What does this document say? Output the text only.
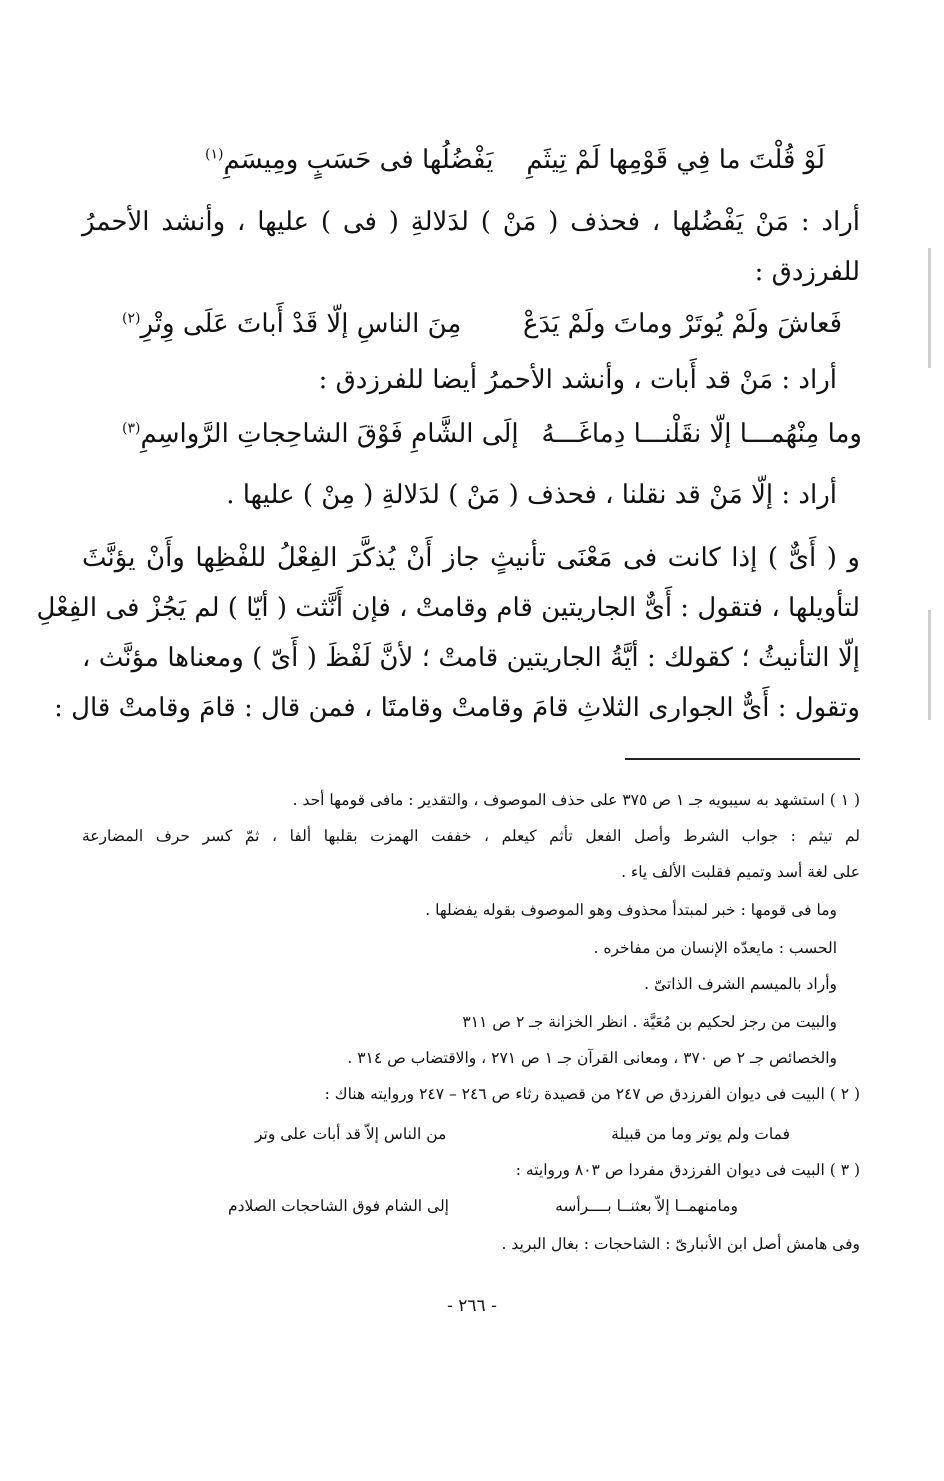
لَوْ قُلْتَ ما فِي قَوْمِها لَمْ تِيثَمِ
يَفْضُلُها فى حَسَبٍ ومِيسَمِ$^{(١)}$
أراد : مَنْ يَفْضُلها ، فحذف ( مَنْ ) لدَلالةِ ( فى ) عليها ، وأنشد الأحمرُ
للفرزدق :
فَعاشَ ولَمْ يُوتَرْ وماتَ ولَمْ يَدَعْ
مِنَ الناسِ إلّا قَدْ أَباتَ عَلَى وِتْرِ$^{(٢)}$
أراد : مَنْ قد أَبات ، وأنشد الأحمرُ أيضا للفرزدق :
وما مِنْهُمـــا إلّا نقَلْنـــا دِماغَـــهُ
إلَى الشَّامِ فَوْقَ الشاحِجاتِ الرَّواسِمِ$^{(٣)}$
أراد : إلّا مَنْ قد نقلنا ، فحذف ( مَنْ ) لدَلالةِ ( مِنْ ) عليها .
و ( أَىٌّ ) إذا كانت فى مَعْنَى تأنيثٍ جاز أَنْ يُذكَّرَ الفِعْلُ للفْظِها وأَنْ يؤنَّثَ
لتأويلها ، فتقول : أَىٌّ الجاريتين قام وقامتْ ، فإن أَنَّثت ( أيّا ) لم يَجُزْ فى الفِعْلِ
إلّا التأنيثُ ؛ كقولك : أيَّةُ الجاريتين قامتْ ؛ لأنَّ لَفْظَ ( أَىّ ) ومعناها مؤنَّث ،
وتقول : أَىٌّ الجوارى الثلاثِ قامَ وقامتْ وقامتَا ، فمن قال : قامَ وقامتْ قال :
( ١ ) استشهد به سيبويه جـ ١ ص ٣٧٥ على حذف الموصوف ، والتقدير : مافى قومها أحد .
لم تيثم : جواب الشرط وأصل الفعل تأثم كيعلم ، خففت الهمزت بقلبها ألفا ، ثمّ كسر حرف المضارعة
على لغة أسد وتميم فقلبت الألف ياء .
وما فى قومها : خبر لمبتدأ محذوف وهو الموصوف بقوله يفضلها .
الحسب : مايعدّه الإنسان من مفاخره .
وأراد بالميسم الشرف الذاتىّ .
والبيت من رجز لحكيم بن مُعَيَّة . انظر الخزانة جـ ٢ ص ٣١١
والخصائص جـ ٢ ص ٣٧٠ ، ومعانى القرآن جـ ١ ص ٢٧١ ، والاقتضاب ص ٣١٤ .
( ٢ ) البيت فى ديوان الفرزدق ص ٢٤٧ من قصيدة رثاء ص ٢٤٦ – ٢٤٧ وروايته هناك :
فمات ولم يوتر وما من قبيلة
من الناس إلاّ قد أبات على وتر
( ٣ ) البيت فى ديوان الفرزدق مفردا ص ٨٠٣ وروايته :
ومامنهمــا إلاّ بعثنــا بــــرأسه
إلى الشام فوق الشاحجات الصلادم
وفى هامش أصل ابن الأنبارىّ : الشاحجات : بغال البريد .
- ٢٦٦ -
